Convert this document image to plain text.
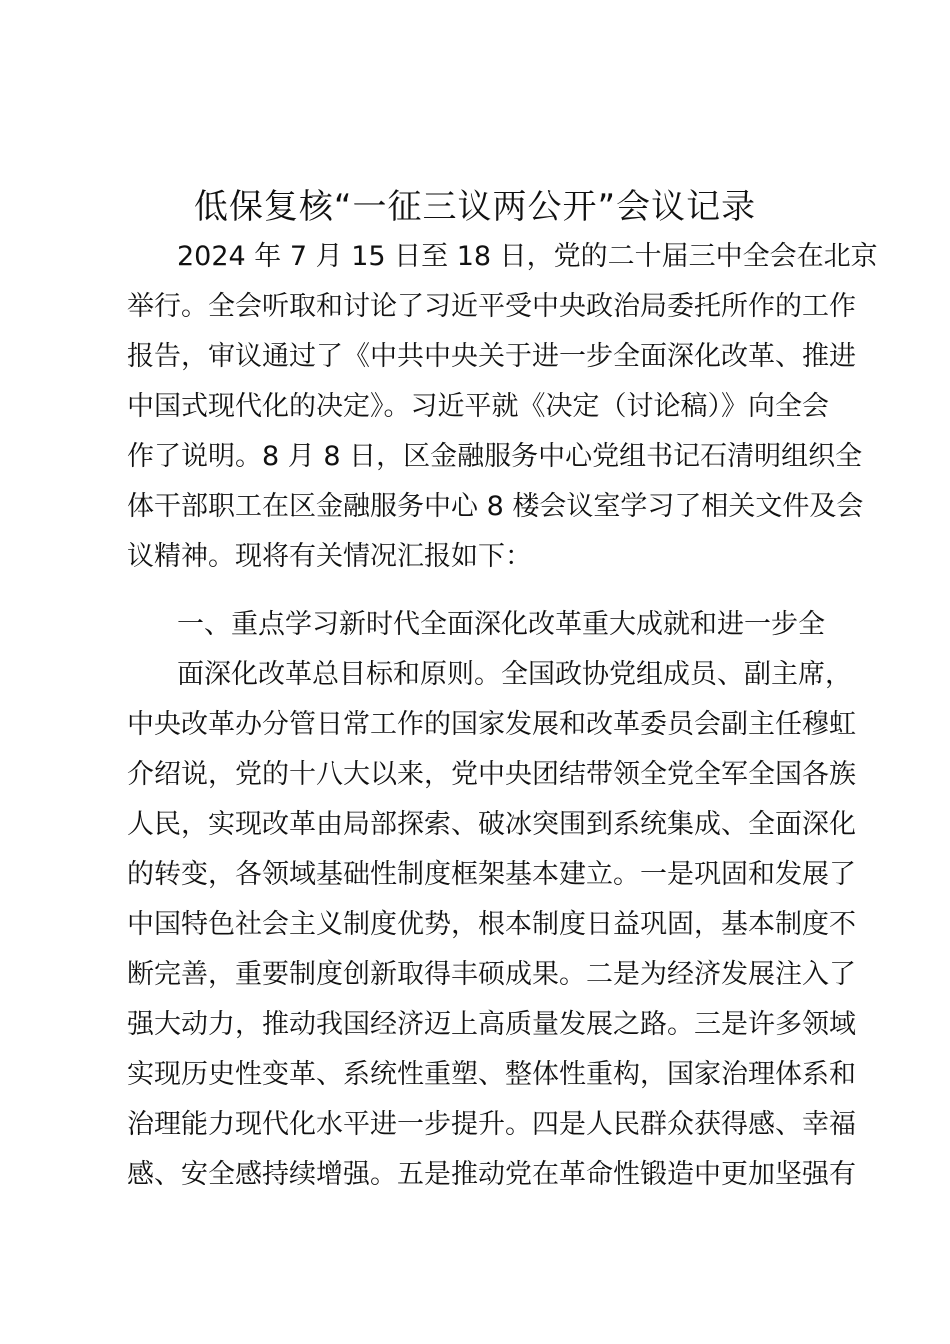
低保复核“一征三议两公开”会议记录
2024 年 7 月 15 日至 18 日，党的二十届三中全会在北京
举行。全会听取和讨论了习近平受中央政治局委托所作的工作
报告，审议通过了《中共中央关于进一步全面深化改革、推进
中国式现代化的决定》。习近平就《决定（讨论稿）》向全会
作了说明。8 月 8 日，区金融服务中心党组书记石清明组织全
体干部职工在区金融服务中心 8 楼会议室学习了相关文件及会
议精神。现将有关情况汇报如下：
一、重点学习新时代全面深化改革重大成就和进一步全
面深化改革总目标和原则。全国政协党组成员、副主席，
中央改革办分管日常工作的国家发展和改革委员会副主任穆虹
介绍说，党的十八大以来，党中央团结带领全党全军全国各族
人民，实现改革由局部探索、破冰突围到系统集成、全面深化
的转变，各领域基础性制度框架基本建立。一是巩固和发展了
中国特色社会主义制度优势，根本制度日益巩固，基本制度不
断完善，重要制度创新取得丰硕成果。二是为经济发展注入了
强大动力，推动我国经济迈上高质量发展之路。三是许多领域
实现历史性变革、系统性重塑、整体性重构，国家治理体系和
治理能力现代化水平进一步提升。四是人民群众获得感、幸福
感、安全感持续增强。五是推动党在革命性锻造中更加坚强有
